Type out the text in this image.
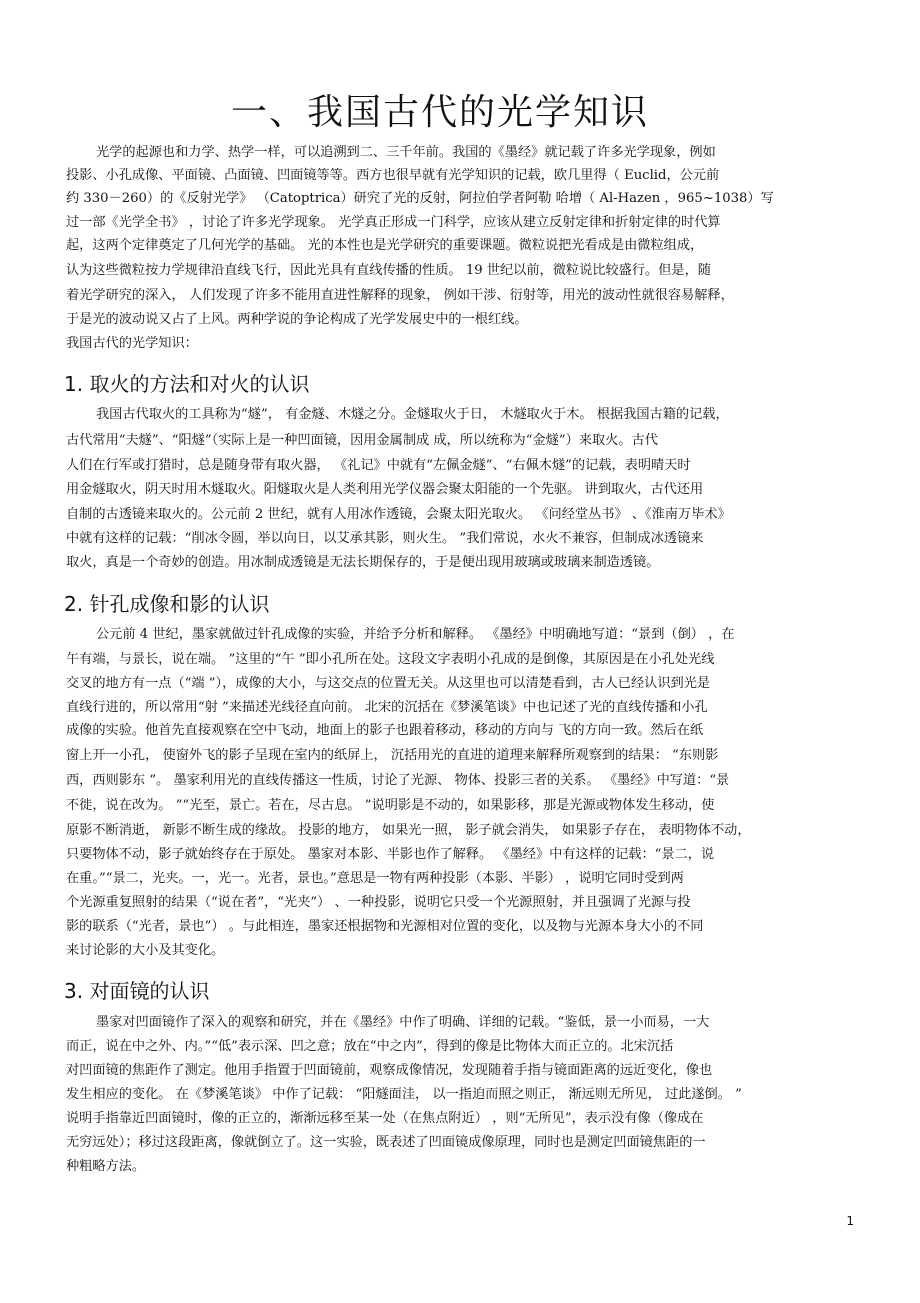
一、我国古代的光学知识
光学的起源也和力学、热学一样，可以追溯到二、三千年前。我国的《墨经》就记载了许多光学现象，例如
投影、小孔成像、平面镜、凸面镜、凹面镜等等。西方也很早就有光学知识的记载，欧几里得（ Euclid，公元前
约 330－260）的《反射光学》 （Catoptrica）研究了光的反射，阿拉伯学者阿勒 哈增（ Al-Hazen ，965~1038）写
过一部《光学全书》 ，讨论了许多光学现象。 光学真正形成一门科学，应该从建立反射定律和折射定律的时代算
起，这两个定律奠定了几何光学的基础。 光的本性也是光学研究的重要课题。微粒说把光看成是由微粒组成，
认为这些微粒按力学规律沿直线飞行，因此光具有直线传播的性质。 19 世纪以前，微粒说比较盛行。但是，随
着光学研究的深入， 人们发现了许多不能用直进性解释的现象， 例如干涉、衍射等，用光的波动性就很容易解释，
于是光的波动说又占了上风。两种学说的争论构成了光学发展史中的一根红线。
我国古代的光学知识：
1. 取火的方法和对火的认识
我国古代取火的工具称为“燧”， 有金燧、木燧之分。金燧取火于日， 木燧取火于木。 根据我国古籍的记载，
古代常用“夫燧”、“阳燧”（实际上是一种凹面镜，因用金属制成 成，所以统称为“金燧”）来取火。古代
人们在行军或打猎时，总是随身带有取火器， 《礼记》中就有“左佩金燧”、“右佩木燧”的记载，表明晴天时
用金燧取火，阴天时用木燧取火。阳燧取火是人类利用光学仪器会聚太阳能的一个先驱。 讲到取火，古代还用
自制的古透镜来取火的。公元前 2 世纪，就有人用冰作透镜，会聚太阳光取火。 《问经堂丛书》 、《淮南万毕术》
中就有这样的记载：“削冰令圆，举以向日，以艾承其影，则火生。 ”我们常说，水火不兼容，但制成冰透镜来
取火，真是一个奇妙的创造。用冰制成透镜是无法长期保存的，于是便出现用玻璃或玻璃来制造透镜。
2. 针孔成像和影的认识
公元前 4 世纪，墨家就做过针孔成像的实验，并给予分析和解释。 《墨经》中明确地写道：“景到（倒） ，在
午有端，与景长，说在端。 ”这里的“午 ”即小孔所在处。这段文字表明小孔成的是倒像，其原因是在小孔处光线
交叉的地方有一点（“端 ”），成像的大小，与这交点的位置无关。从这里也可以清楚看到，古人已经认识到光是
直线行进的，所以常用“射 ”来描述光线径直向前。 北宋的沉括在《梦溪笔谈》中也记述了光的直线传播和小孔
成像的实验。他首先直接观察在空中飞动，地面上的影子也跟着移动，移动的方向与 飞的方向一致。然后在纸
窗上开一小孔， 使窗外飞的影子呈现在室内的纸屏上， 沉括用光的直进的道理来解释所观察到的结果： “东则影
西，西则影东 ”。 墨家利用光的直线传播这一性质，讨论了光源、 物体、投影三者的关系。 《墨经》中写道：“景
不徙，说在改为。 ”“光至，景亡。若在，尽古息。 ”说明影是不动的，如果影移，那是光源或物体发生移动，使
原影不断消逝， 新影不断生成的缘故。 投影的地方， 如果光一照， 影子就会消失， 如果影子存在， 表明物体不动，
只要物体不动，影子就始终存在于原处。 墨家对本影、半影也作了解释。 《墨经》中有这样的记载：“景二，说
在重。”“景二，光夹。一，光一。光者，景也。”意思是一物有两种投影（本影、半影） ，说明它同时受到两
个光源重复照射的结果（“说在者”，“光夹”） 、一种投影，说明它只受一个光源照射，并且强调了光源与投
影的联系（“光者，景也”） 。与此相连，墨家还根据物和光源相对位置的变化，以及物与光源本身大小的不同
来讨论影的大小及其变化。
3. 对面镜的认识
墨家对凹面镜作了深入的观察和研究，并在《墨经》中作了明确、详细的记载。“鉴低，景一小而易，一大
而正，说在中之外、内。”“低”表示深、凹之意；放在“中之内”，得到的像是比物体大而正立的。北宋沉括
对凹面镜的焦距作了测定。他用手指置于凹面镜前，观察成像情况，发现随着手指与镜面距离的远近变化，像也
发生相应的变化。 在《梦溪笔谈》 中作了记载： “阳燧面洼， 以一指迫而照之则正， 渐远则无所见， 过此遂倒。 ”
说明手指靠近凹面镜时，像的正立的，渐渐远移至某一处（在焦点附近） ，则“无所见”，表示没有像（像成在
无穷远处）；移过这段距离，像就倒立了。这一实验，既表述了凹面镜成像原理，同时也是测定凹面镜焦距的一
种粗略方法。
1
